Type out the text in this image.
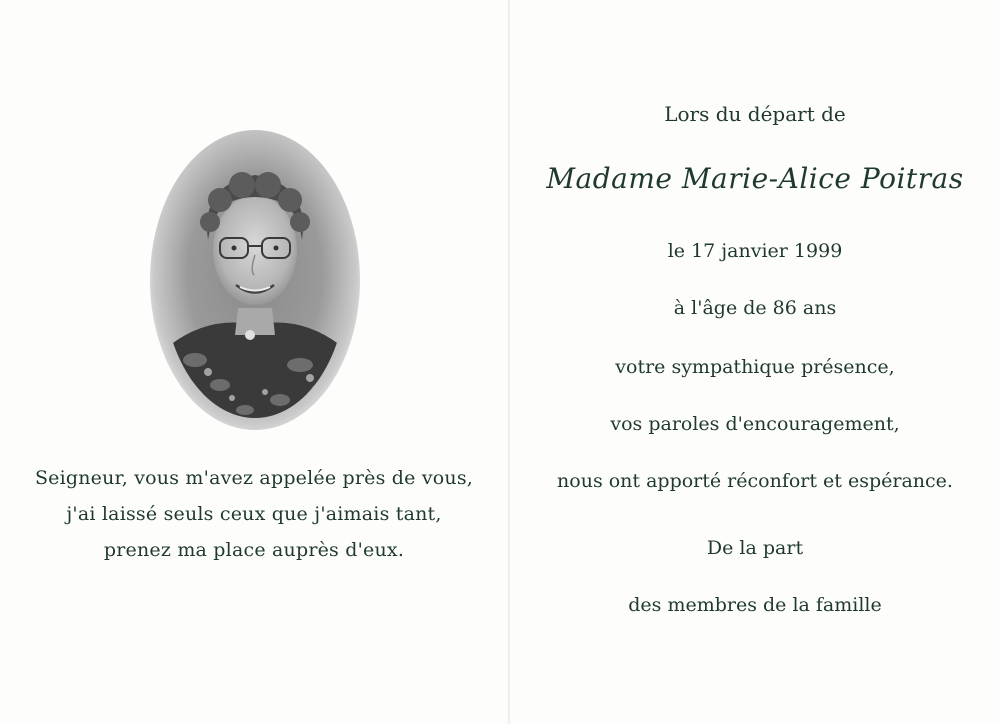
Seigneur, vous m'avez appelée près de vous,
j'ai laissé seuls ceux que j'aimais tant,
prenez ma place auprès d'eux.
Lors du départ de
Madame Marie-Alice Poitras
le 17 janvier 1999
à l'âge de 86 ans
votre sympathique présence,
vos paroles d'encouragement,
nous ont apporté réconfort et espérance.
De la part
des membres de la famille
